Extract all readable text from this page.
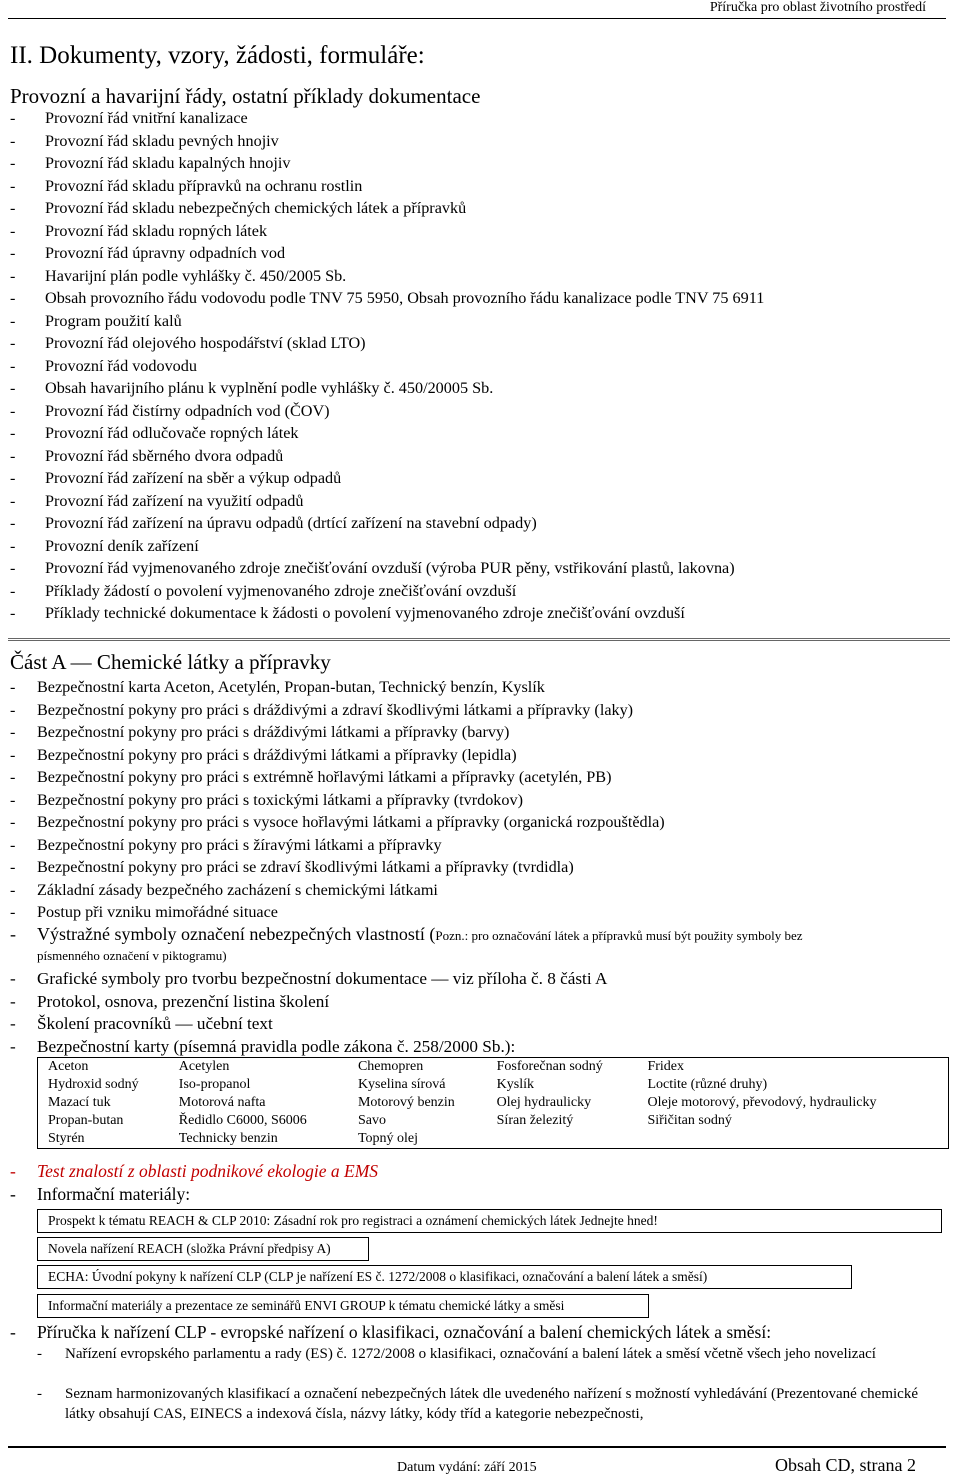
Příručka pro oblast životního prostředí
II. Dokumenty, vzory, žádosti, formuláře:
Provozní a havarijní řády, ostatní příklady dokumentace
- Provozní řád vnitřní kanalizace
- Provozní řád skladu pevných hnojiv
- Provozní řád skladu kapalných hnojiv
- Provozní řád skladu přípravků na ochranu rostlin
- Provozní řád skladu nebezpečných chemických látek a přípravků
- Provozní řád skladu ropných látek
- Provozní řád úpravny odpadních vod
- Havarijní plán podle vyhlášky č. 450/2005 Sb.
- Obsah provozního řádu vodovodu podle TNV 75 5950, Obsah provozního řádu kanalizace podle TNV 75 6911
- Program použití kalů
- Provozní řád olejového hospodářství (sklad LTO)
- Provozní řád vodovodu
- Obsah havarijního plánu k vyplnění podle vyhlášky č. 450/20005 Sb.
- Provozní řád čistírny odpadních vod (ČOV)
- Provozní řád odlučovače ropných látek
- Provozní řád sběrného dvora odpadů
- Provozní řád zařízení na sběr a výkup odpadů
- Provozní řád zařízení na využití odpadů
- Provozní řád zařízení na úpravu odpadů (drtící zařízení na stavební odpady)
- Provozní deník zařízení
- Provozní řád vyjmenovaného zdroje znečišťování ovzduší (výroba PUR pěny, vstřikování plastů, lakovna)
- Příklady žádostí o povolení vyjmenovaného zdroje znečišťování ovzduší
- Příklady technické dokumentace k žádosti o povolení vyjmenovaného zdroje znečišťování ovzduší
Část A — Chemické látky a přípravky
- Bezpečnostní karta Aceton, Acetylén, Propan-butan, Technický benzín, Kyslík
- Bezpečnostní pokyny pro práci s dráždivými a zdraví škodlivými látkami a přípravky (laky)
- Bezpečnostní pokyny pro práci s dráždivými látkami a přípravky (barvy)
- Bezpečnostní pokyny pro práci s dráždivými látkami a přípravky (lepidla)
- Bezpečnostní pokyny pro práci s extrémně hořlavými látkami a přípravky (acetylén, PB)
- Bezpečnostní pokyny pro práci s toxickými látkami a přípravky (tvrdokov)
- Bezpečnostní pokyny pro práci s vysoce hořlavými látkami a přípravky (organická rozpouštědla)
- Bezpečnostní pokyny pro práci s žíravými látkami a přípravky
- Bezpečnostní pokyny pro práci se zdraví škodlivými látkami a přípravky (tvrdidla)
- Základní zásady bezpečného zacházení s chemickými látkami
- Postup při vzniku mimořádné situace
- Výstražné symboly označení nebezpečných vlastností (Pozn.: pro označování látek a přípravků musí být použity symboly bez
písmenného označení v piktogramu)
- Grafické symboly pro tvorbu bezpečnostní dokumentace — viz příloha č. 8 části A
- Protokol, osnova, prezenční listina školení
- Školení pracovníků — učební text
- Bezpečnostní karty (písemná pravidla podle zákona č. 258/2000 Sb.):
Aceton	Acetylen	Chemopren	Fosforečnan sodný	Fridex
Hydroxid sodný	Iso-propanol	Kyselina sírová	Kyslík	Loctite (různé druhy)
Mazací tuk	Motorová nafta	Motorový benzin	Olej hydraulicky	Oleje motorový, převodový, hydraulicky
Propan-butan	Ředidlo C6000, S6006	Savo	Síran železitý	Siřičitan sodný
Styrén	Technicky benzin	Topný olej		
- Test znalostí z oblasti podnikové ekologie a EMS
- Informační materiály:
Prospekt k tématu REACH & CLP 2010: Zásadní rok pro registraci a oznámení chemických látek Jednejte hned!
Novela nařízení REACH (složka Právní předpisy A)
ECHA: Úvodní pokyny k nařízení CLP (CLP je nařízení ES č. 1272/2008 o klasifikaci, označování a balení látek a směsí)
Informační materiály a prezentace ze seminářů ENVI GROUP k tématu chemické látky a směsi
- Příručka k nařízení CLP - evropské nařízení o klasifikaci, označování a balení chemických látek a směsí:
-	Nařízení evropského parlamentu a rady (ES) č. 1272/2008 o klasifikaci, označování a balení látek a směsí včetně všech jeho novelizací
-	Seznam harmonizovaných klasifikací a označení nebezpečných látek dle uvedeného nařízení s možností vyhledávání (Prezentované chemické látky obsahují CAS, EINECS a indexová čísla, názvy látky, kódy tříd a kategorie nebezpečnosti,
Datum vydání: září 2015	Obsah CD, strana 2
